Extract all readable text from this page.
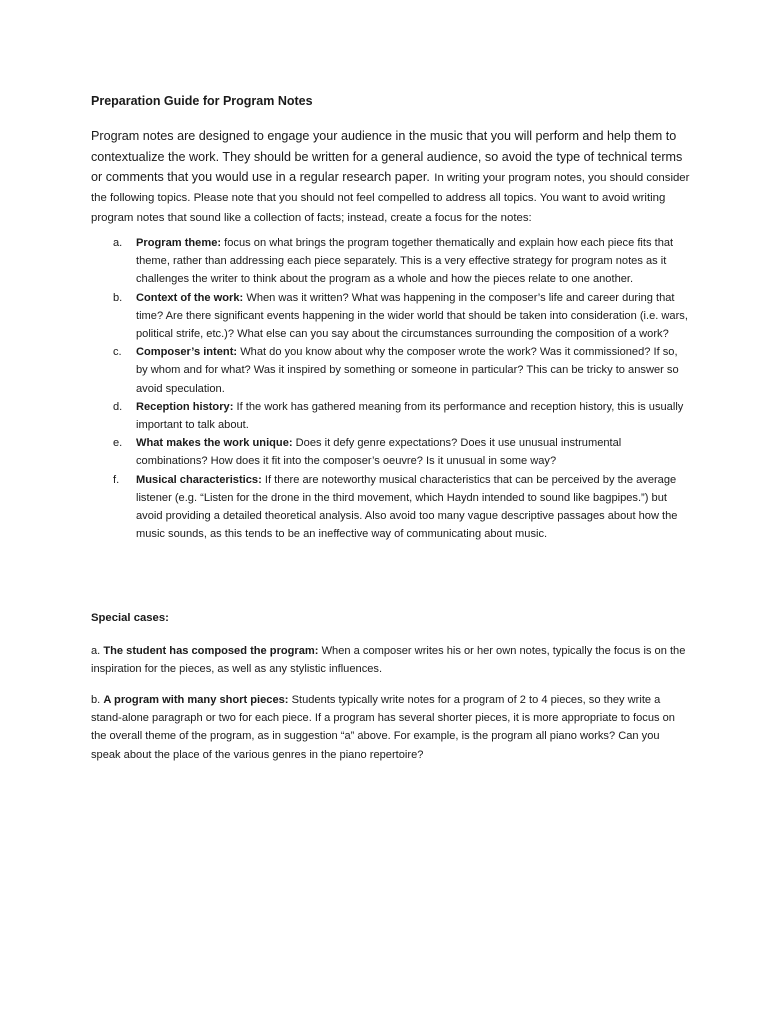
Preparation Guide for Program Notes

Program notes are designed to engage your audience in the music that you will perform and help them to contextualize the work. They should be written for a general audience, so avoid the type of technical terms or comments that you would use in a regular research paper. In writing your program notes, you should consider the following topics. Please note that you should not feel compelled to address all topics. You want to avoid writing program notes that sound like a collection of facts; instead, create a focus for the notes:

a. Program theme: focus on what brings the program together thematically and explain how each piece fits that theme, rather than addressing each piece separately. This is a very effective strategy for program notes as it challenges the writer to think about the program as a whole and how the pieces relate to one another.
b. Context of the work: When was it written? What was happening in the composer’s life and career during that time? Are there significant events happening in the wider world that should be taken into consideration (i.e. wars, political strife, etc.)? What else can you say about the circumstances surrounding the composition of a work?
c. Composer’s intent: What do you know about why the composer wrote the work? Was it commissioned? If so, by whom and for what? Was it inspired by something or someone in particular? This can be tricky to answer so avoid speculation.
d. Reception history: If the work has gathered meaning from its performance and reception history, this is usually important to talk about.
e. What makes the work unique: Does it defy genre expectations? Does it use unusual instrumental combinations? How does it fit into the composer’s oeuvre? Is it unusual in some way?
f. Musical characteristics: If there are noteworthy musical characteristics that can be perceived by the average listener (e.g. “Listen for the drone in the third movement, which Haydn intended to sound like bagpipes.”) but avoid providing a detailed theoretical analysis. Also avoid too many vague descriptive passages about how the music sounds, as this tends to be an ineffective way of communicating about music.
Special cases:

a. The student has composed the program: When a composer writes his or her own notes, typically the focus is on the inspiration for the pieces, as well as any stylistic influences.

b. A program with many short pieces: Students typically write notes for a program of 2 to 4 pieces, so they write a stand-alone paragraph or two for each piece. If a program has several shorter pieces, it is more appropriate to focus on the overall theme of the program, as in suggestion “a” above. For example, is the program all piano works? Can you speak about the place of the various genres in the piano repertoire?
